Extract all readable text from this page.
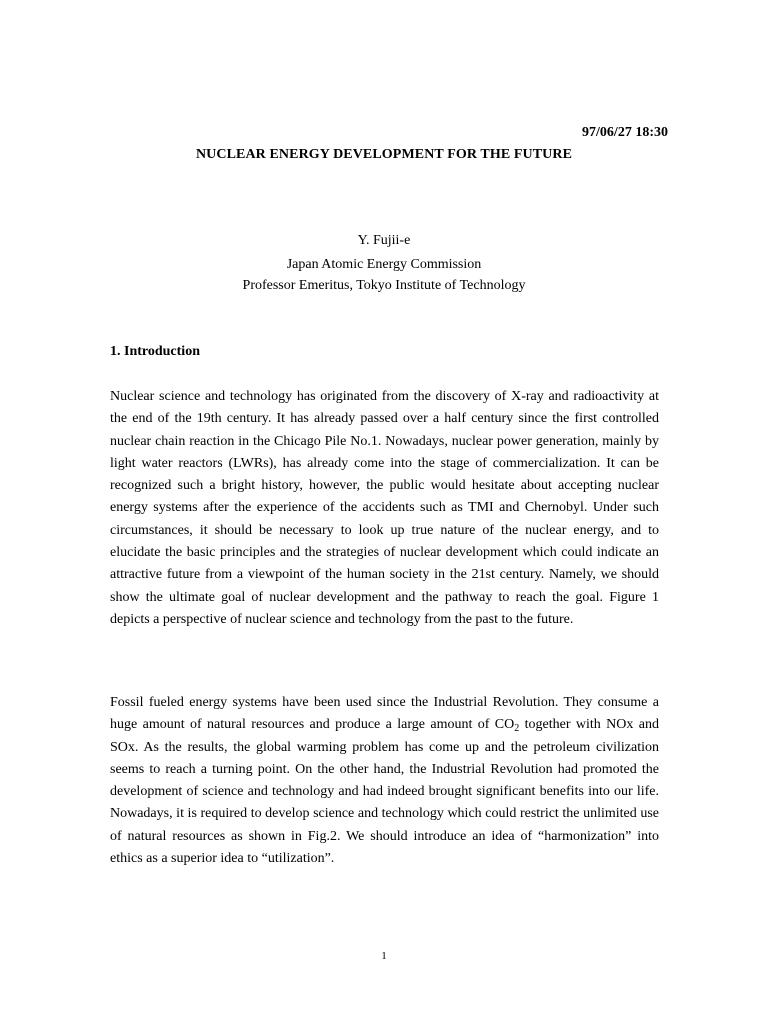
97/06/27 18:30
NUCLEAR ENERGY DEVELOPMENT FOR THE FUTURE
Y. Fujii-e
Japan Atomic Energy Commission
Professor Emeritus, Tokyo Institute of Technology
1. Introduction
Nuclear science and technology has originated from the discovery of X-ray and radioactivity at the end of the 19th century. It has already passed over a half century since the first controlled nuclear chain reaction in the Chicago Pile No.1. Nowadays, nuclear power generation, mainly by light water reactors (LWRs), has already come into the stage of commercialization. It can be recognized such a bright history, however, the public would hesitate about accepting nuclear energy systems after the experience of the accidents such as TMI and Chernobyl. Under such circumstances, it should be necessary to look up true nature of the nuclear energy, and to elucidate the basic principles and the strategies of nuclear development which could indicate an attractive future from a viewpoint of the human society in the 21st century. Namely, we should show the ultimate goal of nuclear development and the pathway to reach the goal. Figure 1 depicts a perspective of nuclear science and technology from the past to the future.
Fossil fueled energy systems have been used since the Industrial Revolution. They consume a huge amount of natural resources and produce a large amount of $CO_2$ together with NOx and SOx. As the results, the global warming problem has come up and the petroleum civilization seems to reach a turning point. On the other hand, the Industrial Revolution had promoted the development of science and technology and had indeed brought significant benefits into our life. Nowadays, it is required to develop science and technology which could restrict the unlimited use of natural resources as shown in Fig.2. We should introduce an idea of “harmonization” into ethics as a superior idea to “utilization”.
1
